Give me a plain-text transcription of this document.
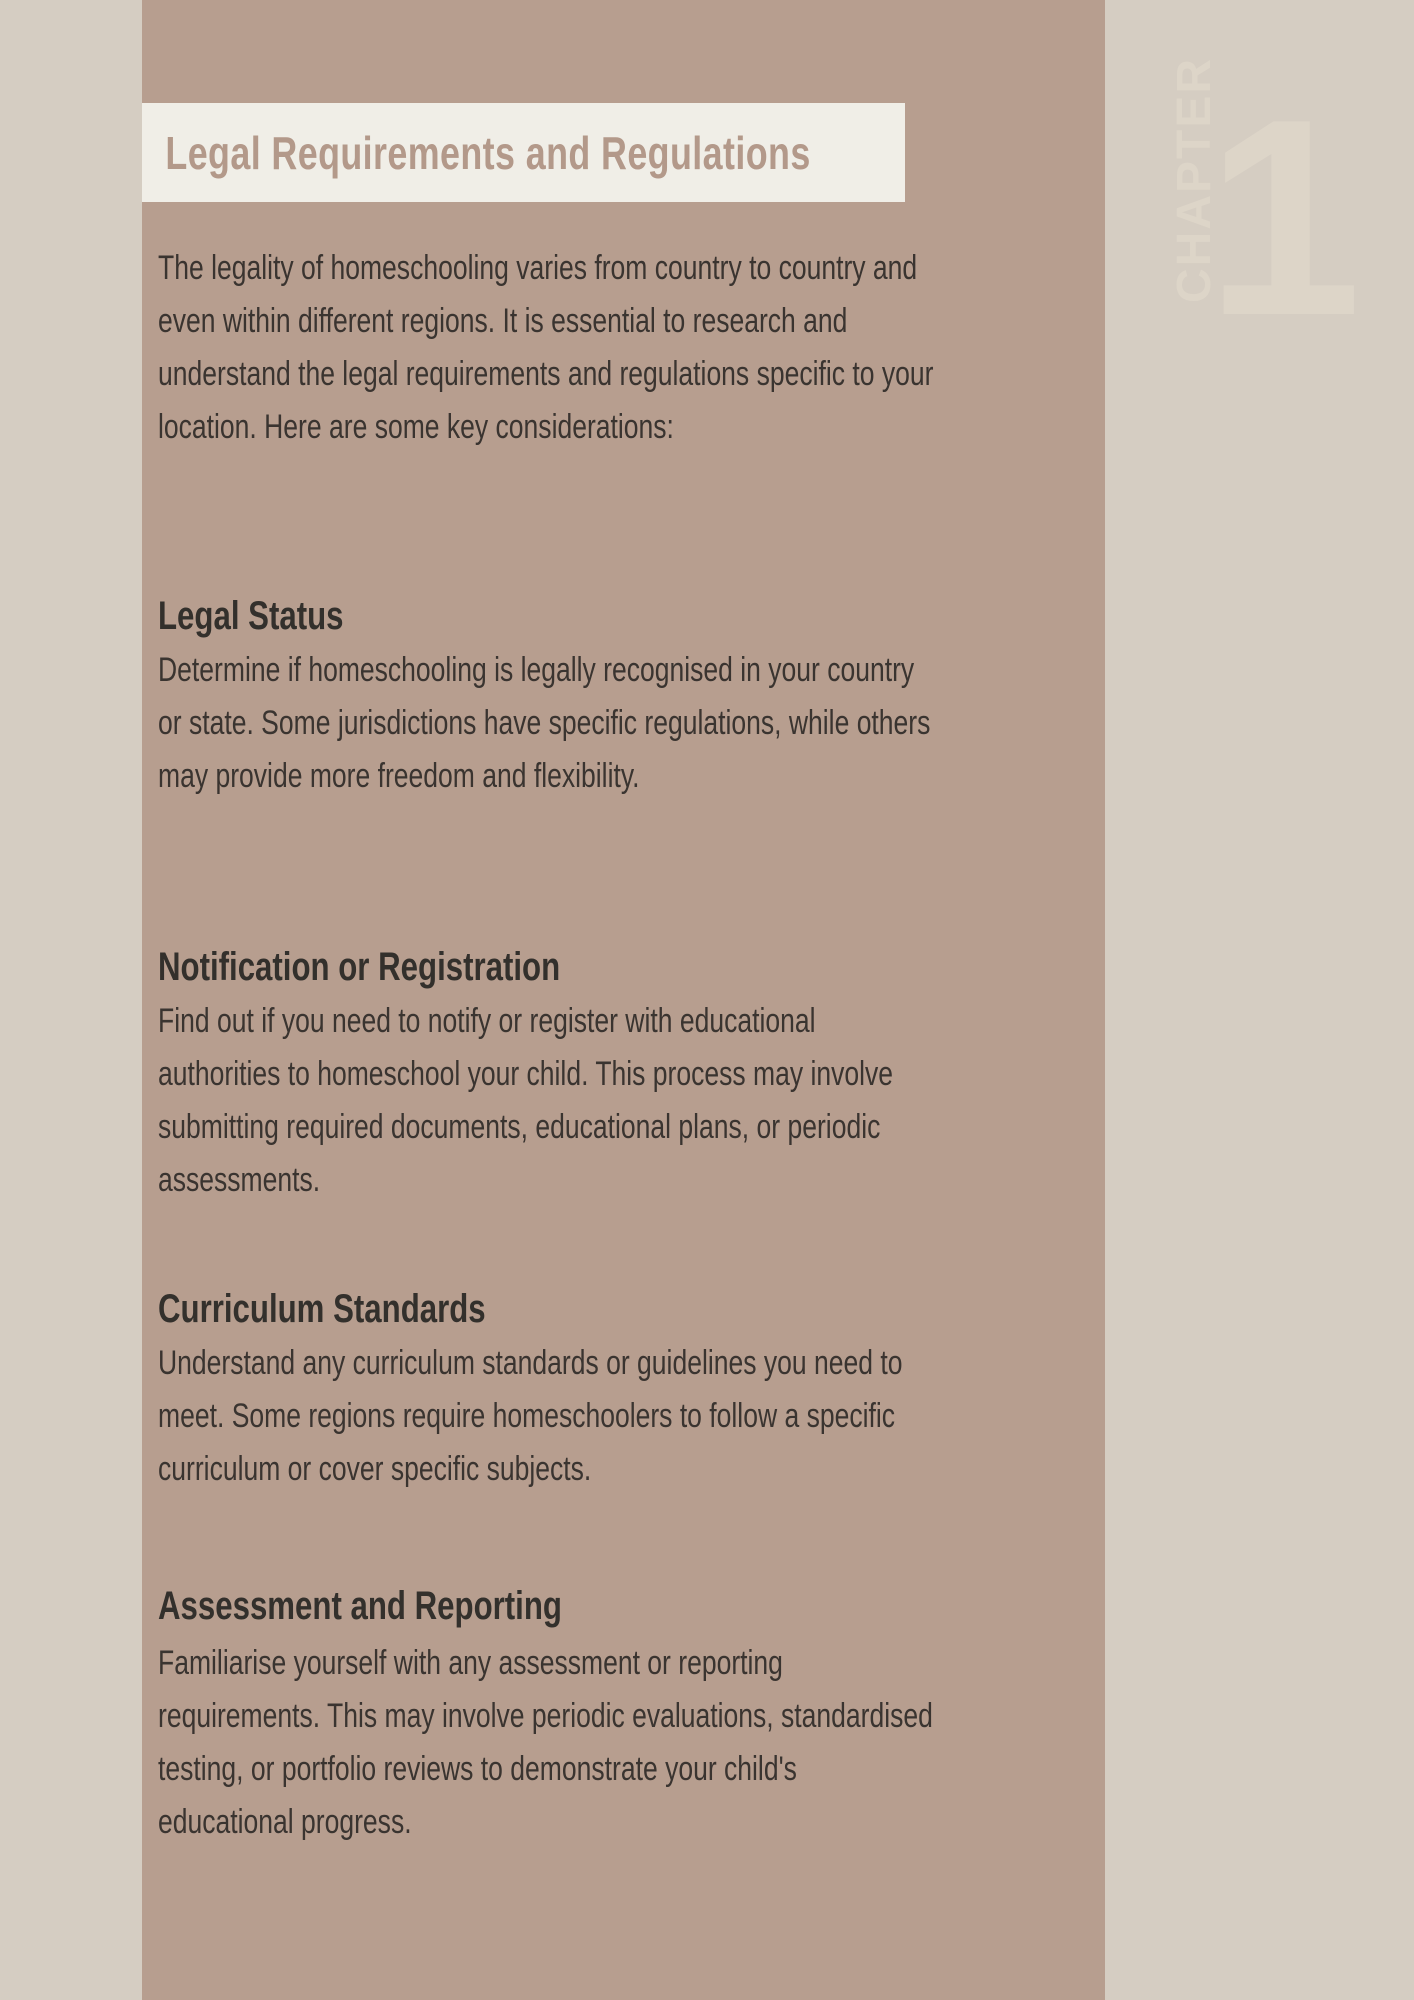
Legal Requirements and Regulations	CHAPTER
1
The legality of homeschooling varies from country to country and even within different regions. It is essential to research and understand the legal requirements and regulations specific to your location. Here are some key considerations:
Legal Status
Determine if homeschooling is legally recognised in your country or state. Some jurisdictions have specific regulations, while others may provide more freedom and flexibility.
Notification or Registration
Find out if you need to notify or register with educational authorities to homeschool your child. This process may involve submitting required documents, educational plans, or periodic assessments.
Curriculum Standards
Understand any curriculum standards or guidelines you need to meet. Some regions require homeschoolers to follow a specific curriculum or cover specific subjects.
Assessment and Reporting
Familiarise yourself with any assessment or reporting requirements. This may involve periodic evaluations, standardised testing, or portfolio reviews to demonstrate your child's educational progress.
